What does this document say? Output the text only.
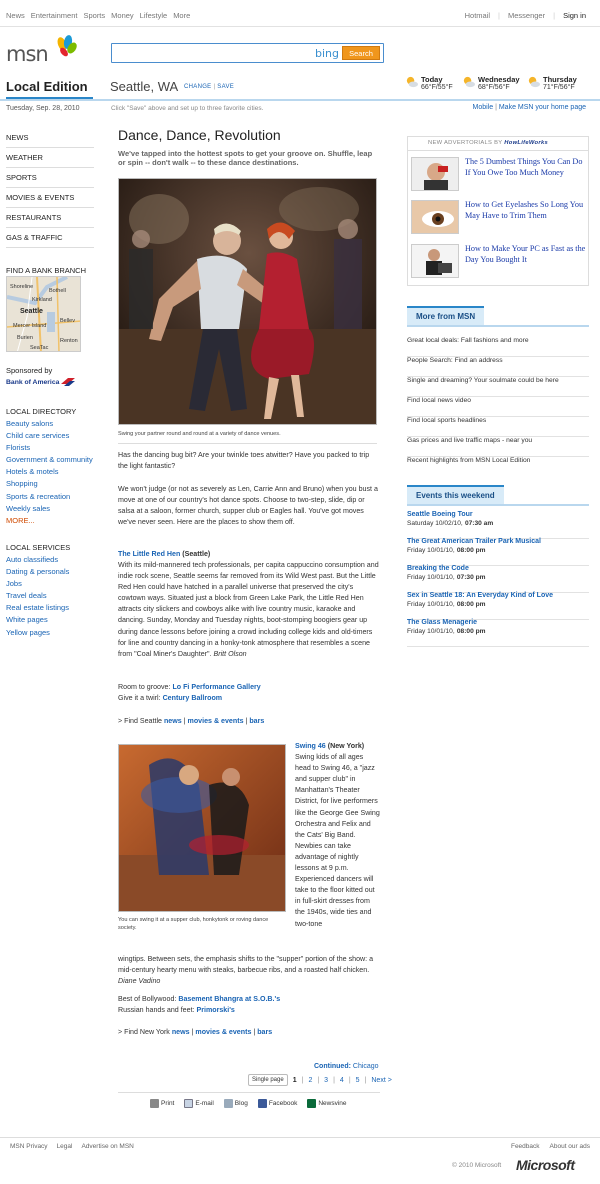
News Entertainment Sports Money Lifestyle More	Hotmail | Messenger | Sign in
msn	bing	Search
Local Edition Seattle, WA CHANGE | SAVE
Today
66°F/55°F
Wednesday
68°F/56°F
Thursday
71°F/56°F
Tuesday, Sep. 28, 2010	Click "Save" above and set up to three favorite cities.	Mobile | Make MSN your home page
NEWS
WEATHER
SPORTS
MOVIES & EVENTS
RESTAURANTS
GAS & TRAFFIC
FIND A BANK BRANCH
Shoreline
Bothell
Kirkland
Seattle
Bellev
Mercer Island
Burien	Renton
SeaTac
Sponsored by
Bank of America
LOCAL DIRECTORY
Beauty salons
Child care services
Florists
Government & community
Hotels & motels
Shopping
Sports & recreation
Weekly sales
MORE...
LOCAL SERVICES
Auto classifieds
Dating & personals
Jobs
Travel deals
Real estate listings
White pages
Yellow pages
Dance, Dance, Revolution
We've tapped into the hottest spots to get your groove on. Shuffle, leap or spin -- don't walk -- to these dance destinations.
Swing your partner round and round at a variety of dance venues.
Has the dancing bug bit? Are your twinkle toes atwitter? Have you packed to trip the light fantastic?
We won't judge (or not as severely as Len, Carrie Ann and Bruno) when you bust a move at one of our country's hot dance spots. Choose to two-step, slide, dip or salsa at a saloon, former church, supper club or Eagles hall. You've got moves we've never seen. Here are the places to show them off.
The Little Red Hen (Seattle)
With its mild-mannered tech professionals, per capita cappuccino consumption and indie rock scene, Seattle seems far removed from its Wild West past. But the Little Red Hen could have hatched in a parallel universe that preserved the city's cowtown ways. Situated just a block from Green Lake Park, the Little Red Hen attracts city slickers and cowboys alike with live country music, karaoke and dancing. Sunday, Monday and Tuesday nights, boot-stomping boogiers gear up during dance lessons before joining a crowd including college kids and old-timers for line and country dancing in a honky-tonk atmosphere that resembles a scene from "Coal Miner's Daughter". Britt Olson
Room to groove: Lo Fi Performance Gallery
Give it a twirl: Century Ballroom
> Find Seattle news | movies & events | bars
You can swing it at a supper club, honkytonk or roving dance society.
Swing 46 (New York) Swing kids of all ages head to Swing 46, a "jazz and supper club" in Manhattan's Theater District, for live performers like the George Gee Swing Orchestra and Felix and the Cats' Big Band. Newbies can take advantage of nightly lessons at 9 p.m. Experienced dancers will take to the floor kitted out in full-skirt dresses from the 1940s, wide ties and two-tone
wingtips. Between sets, the emphasis shifts to the "supper" portion of the show: a mid-century hearty menu with steaks, barbecue ribs, and a roasted half chicken. Diane Vadino
Best of Bollywood: Basement Bhangra at S.O.B.'s
Russian hands and feet: Primorski's
> Find New York news | movies & events | bars
Continued: Chicago
Single page	1 | 2 | 3 | 4 | 5 | Next >
Print	E-mail	Blog	Facebook	Newsvine
NEW ADVERTORIALS BY HowLifeWorks
The 5 Dumbest Things You Can Do If You Owe Too Much Money
How to Get Eyelashes So Long You May Have to Trim Them
How to Make Your PC as Fast as the Day You Bought It
More from MSN
Great local deals: Fall fashions and more
People Search: Find an address
Single and dreaming? Your soulmate could be here
Find local news video
Find local sports headlines
Gas prices and live traffic maps - near you
Recent highlights from MSN Local Edition
Events this weekend
Seattle Boeing Tour
Saturday 10/02/10, 07:30 am
The Great American Trailer Park Musical
Friday 10/01/10, 08:00 pm
Breaking the Code
Friday 10/01/10, 07:30 pm
Sex in Seattle 18: An Everyday Kind of Love
Friday 10/01/10, 08:00 pm
The Glass Menagerie
Friday 10/01/10, 08:00 pm
MSN Privacy Legal Advertise on MSN	Feedback About our ads
© 2010 Microsoft Microsoft
